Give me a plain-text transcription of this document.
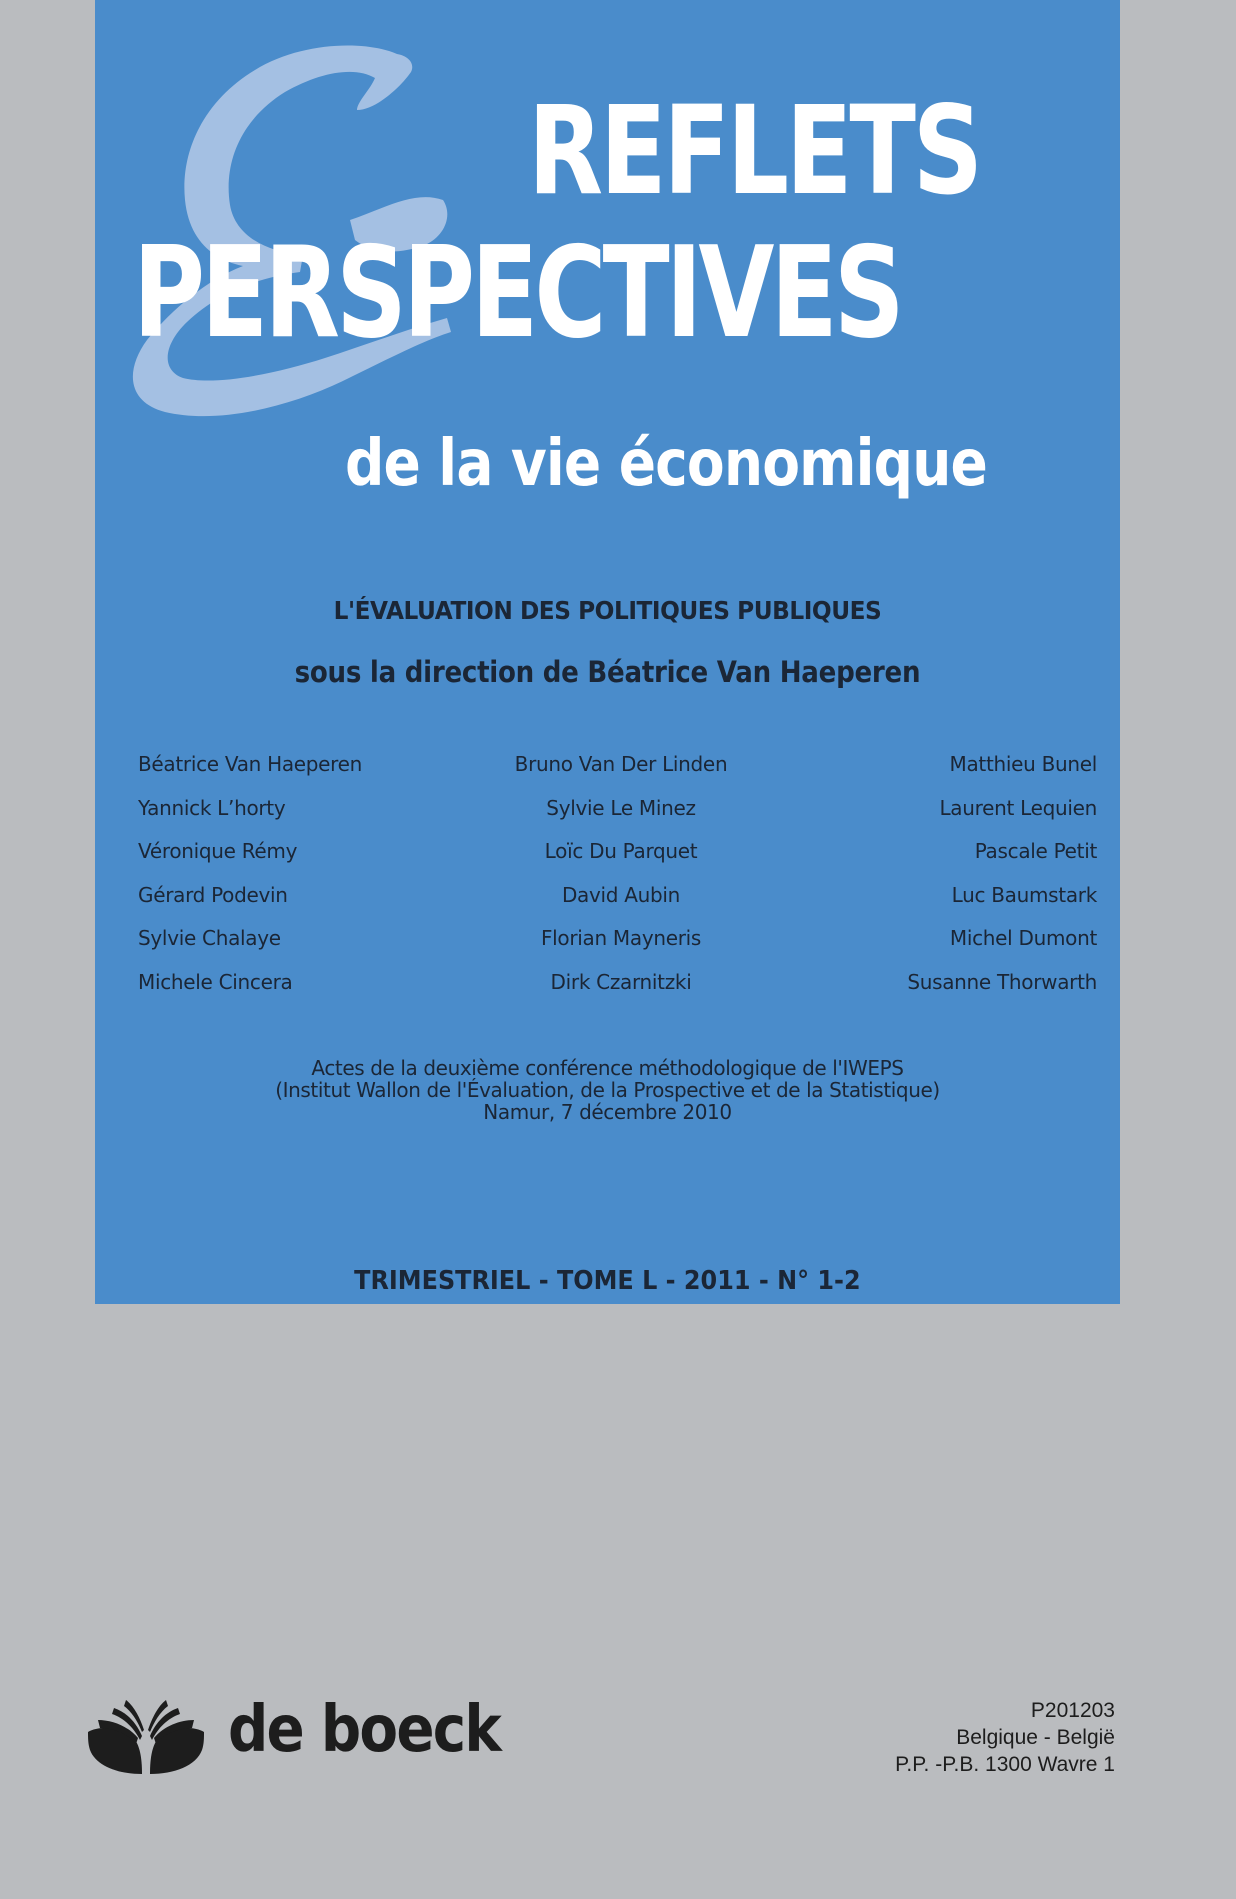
REFLETS
PERSPECTIVES
de la vie économique
L'ÉVALUATION DES POLITIQUES PUBLIQUES
sous la direction de Béatrice Van Haeperen
Béatrice Van Haeperen	Bruno Van Der Linden	Matthieu Bunel
Yannick L’horty	Sylvie Le Minez	Laurent Lequien
Véronique Rémy	Loïc Du Parquet	Pascale Petit
Gérard Podevin	David Aubin	Luc Baumstark
Sylvie Chalaye	Florian Mayneris	Michel Dumont
Michele Cincera	Dirk Czarnitzki	Susanne Thorwarth
Actes de la deuxième conférence méthodologique de l'IWEPS
(Institut Wallon de l'Évaluation, de la Prospective et de la Statistique)
Namur, 7 décembre 2010
TRIMESTRIEL - TOME L - 2011 - N° 1-2
de boeck	P201203
Belgique - België
P.P. -P.B. 1300 Wavre 1
